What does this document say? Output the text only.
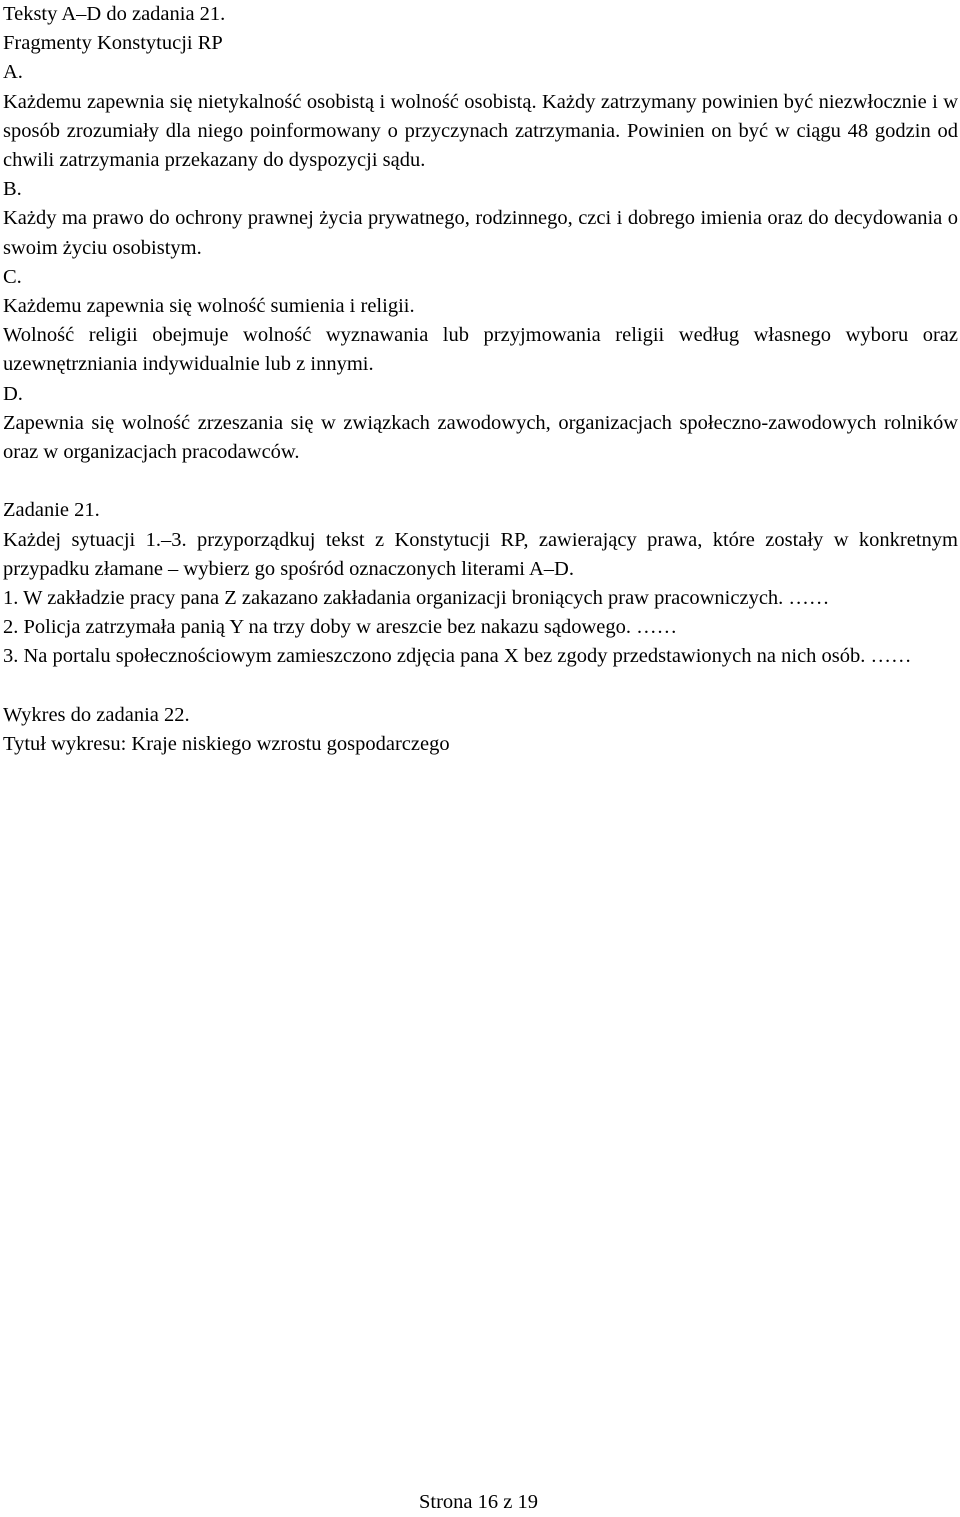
Teksty A–D do zadania 21.
Fragmenty Konstytucji RP
A.

Każdemu zapewnia się nietykalność osobistą i wolność osobistą. Każdy zatrzymany powinien być niezwłocznie i w sposób zrozumiały dla niego poinformowany o przyczynach zatrzymania. Powinien on być w ciągu 48 godzin od chwili zatrzymania przekazany do dyspozycji sądu.

B.

Każdy ma prawo do ochrony prawnej życia prywatnego, rodzinnego, czci i dobrego imienia oraz do decydowania o swoim życiu osobistym.

C.
Każdemu zapewnia się wolność sumienia i religii.

Wolność religii obejmuje wolność wyznawania lub przyjmowania religii według własnego wyboru oraz uzewnętrzniania indywidualnie lub z innymi.

D.

Zapewnia się wolność zrzeszania się w związkach zawodowych, organizacjach społeczno-zawodowych rolników oraz w organizacjach pracodawców.

Zadanie 21.

Każdej sytuacji 1.–3. przyporządkuj tekst z Konstytucji RP, zawierający prawa, które zostały w konkretnym przypadku złamane – wybierz go spośród oznaczonych literami A–D.

1. W zakładzie pracy pana Z zakazano zakładania organizacji broniących praw pracowniczych. ……

2. Policja zatrzymała panią Y na trzy doby w areszcie bez nakazu sądowego. ……

3. Na portalu społecznościowym zamieszczono zdjęcia pana X bez zgody przedstawionych na nich osób. ……

Wykres do zadania 22.
Tytuł wykresu: Kraje niskiego wzrostu gospodarczego
Strona 16 z 19
